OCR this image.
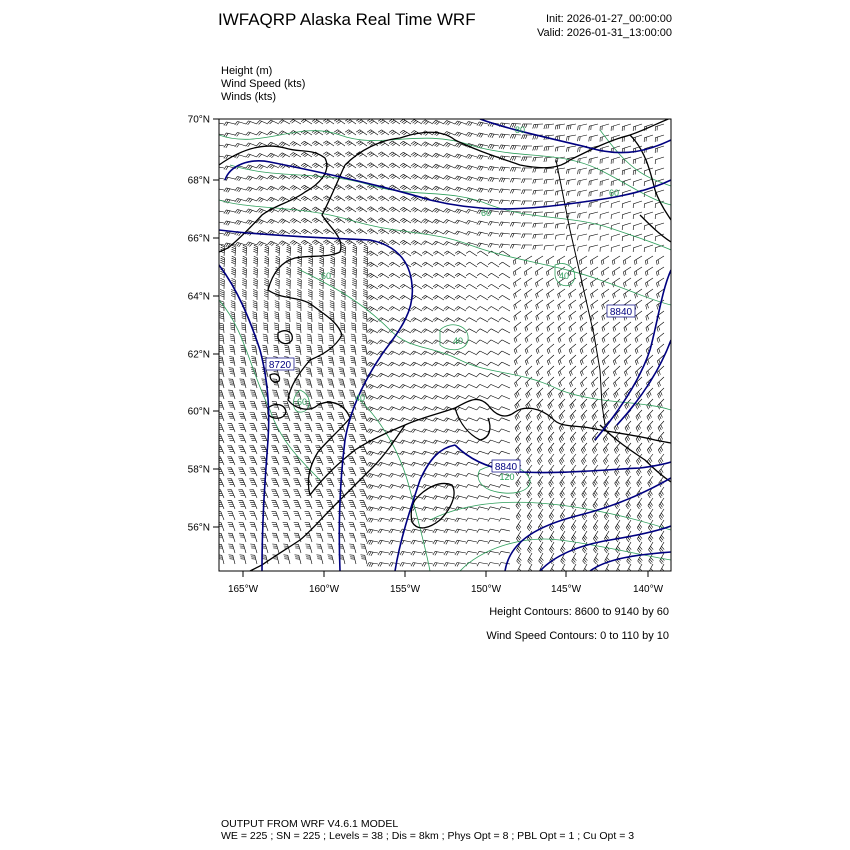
IWFAQRP Alaska Real Time WRF	Init: 2026-01-27_00:00:00
Valid: 2026-01-31_13:00:00
Height (m)
Wind Speed (kts)
Winds (kts)
70°N
68°N
66°N
64°N
62°N
60°N
58°N
56°N
165°W	160°W	155°W	150°W	145°W	140°W
8720
8840
8840
60
60
40
60
60
40
40
120
80
Height Contours: 8600 to 9140 by 60
Wind Speed Contours: 0 to 110 by 10
OUTPUT FROM WRF V4.6.1 MODEL
WE = 225 ; SN = 225 ; Levels = 38 ; Dis = 8km ; Phys Opt = 8 ; PBL Opt = 1 ; Cu Opt = 3
